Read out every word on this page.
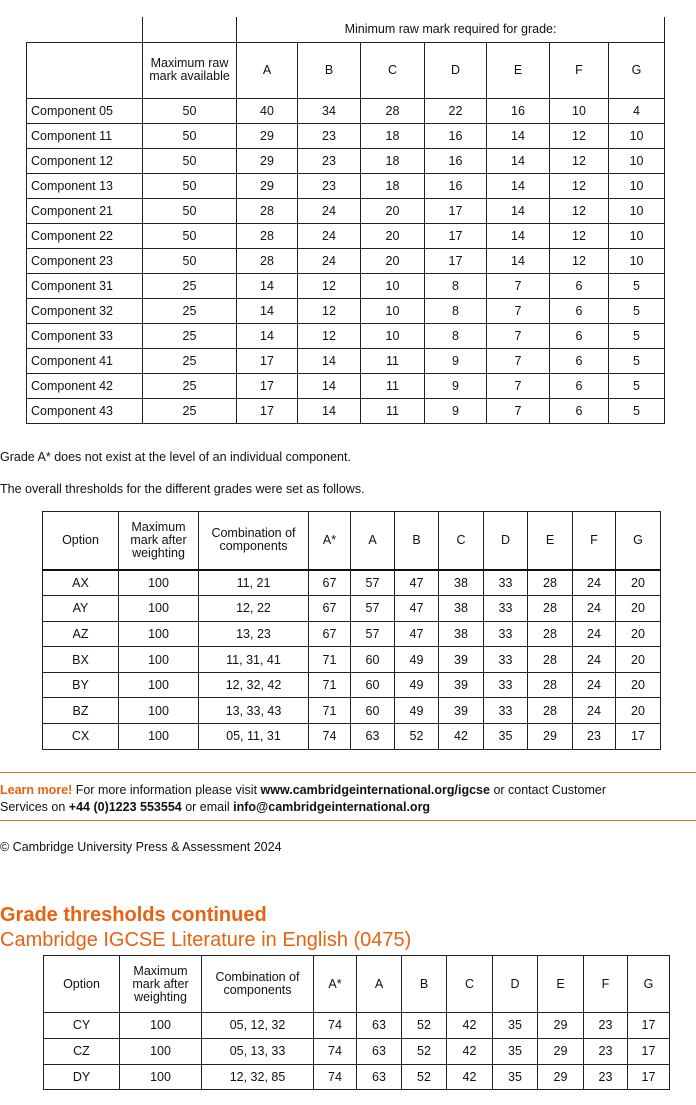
		Minimum raw mark required for grade:						
	Maximum raw mark available	A	B	C	D	E	F	G
Component 05	50	40	34	28	22	16	10	4
Component 11	50	29	23	18	16	14	12	10
Component 12	50	29	23	18	16	14	12	10
Component 13	50	29	23	18	16	14	12	10
Component 21	50	28	24	20	17	14	12	10
Component 22	50	28	24	20	17	14	12	10
Component 23	50	28	24	20	17	14	12	10
Component 31	25	14	12	10	8	7	6	5
Component 32	25	14	12	10	8	7	6	5
Component 33	25	14	12	10	8	7	6	5
Component 41	25	17	14	11	9	7	6	5
Component 42	25	17	14	11	9	7	6	5
Component 43	25	17	14	11	9	7	6	5
Grade A* does not exist at the level of an individual component.
The overall thresholds for the different grades were set as follows.
Option	Maximum mark after weighting	Combination of components	A*	A	B	C	D	E	F	G
AX	100	11, 21	67	57	47	38	33	28	24	20
AY	100	12, 22	67	57	47	38	33	28	24	20
AZ	100	13, 23	67	57	47	38	33	28	24	20
BX	100	11, 31, 41	71	60	49	39	33	28	24	20
BY	100	12, 32, 42	71	60	49	39	33	28	24	20
BZ	100	13, 33, 43	71	60	49	39	33	28	24	20
CX	100	05, 11, 31	74	63	52	42	35	29	23	17
Learn more! For more information please visit www.cambridgeinternational.org/igcse or contact Customer
Services on +44 (0)1223 553554 or email info@cambridgeinternational.org
© Cambridge University Press & Assessment 2024
Grade thresholds continued
Cambridge IGCSE Literature in English (0475)
Option	Maximum mark after weighting	Combination of components	A*	A	B	C	D	E	F	G
CY	100	05, 12, 32	74	63	52	42	35	29	23	17
CZ	100	05, 13, 33	74	63	52	42	35	29	23	17
DY	100	12, 32, 85	74	63	52	42	35	29	23	17
